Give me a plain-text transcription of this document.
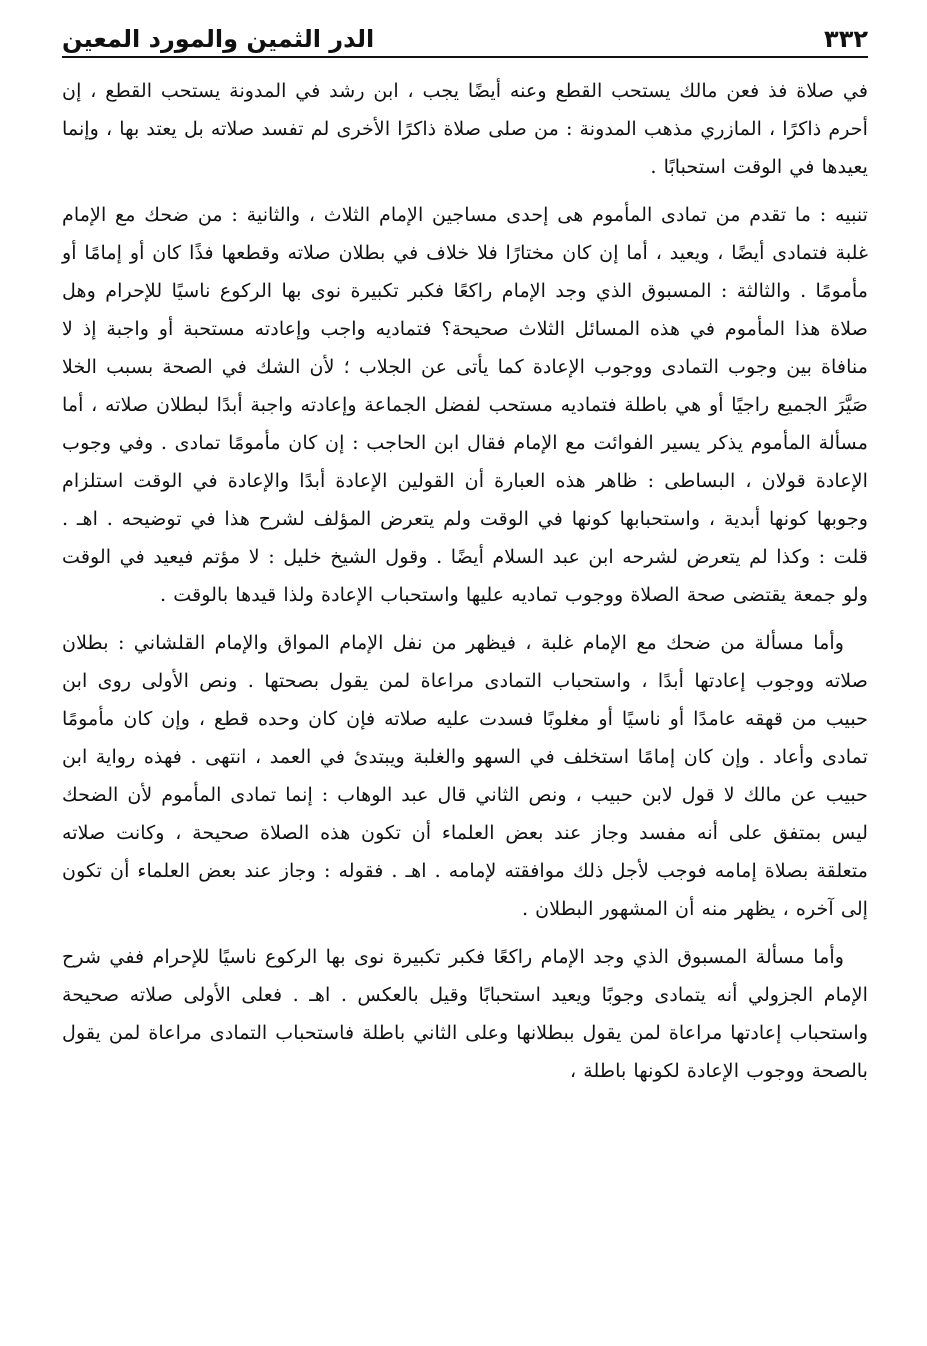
٣٣٢
الدر الثمين والمورد المعين

في صلاة فذ فعن مالك يستحب القطع وعنه أيضًا يجب ، ابن رشد في المدونة يستحب القطع ، إن أحرم ذاكرًا ، المازري مذهب المدونة : من صلى صلاة ذاكرًا الأخرى لم تفسد صلاته بل يعتد بها ، وإنما يعيدها في الوقت استحبابًا .

تنبيه : ما تقدم من تمادى المأموم هى إحدى مساجين الإمام الثلاث ، والثانية : من ضحك مع الإمام غلبة فتمادى أيضًا ، ويعيد ، أما إن كان مختارًا فلا خلاف في بطلان صلاته وقطعها فذًا كان أو إمامًا أو مأمومًا . والثالثة : المسبوق الذي وجد الإمام راكعًا فكبر تكبيرة نوى بها الركوع ناسيًا للإحرام وهل صلاة هذا المأموم في هذه المسائل الثلاث صحيحة؟ فتماديه واجب وإعادته مستحبة أو واجبة إذ لا منافاة بين وجوب التمادى ووجوب الإعادة كما يأتى عن الجلاب ؛ لأن الشك في الصحة بسبب الخلا صَيَّرَ الجميع راجيًا أو هي باطلة فتماديه مستحب لفضل الجماعة وإعادته واجبة أبدًا لبطلان صلاته ، أما مسألة المأموم يذكر يسير الفوائت مع الإمام فقال ابن الحاجب : إن كان مأمومًا تمادى . وفي وجوب الإعادة قولان ، البساطى : ظاهر هذه العبارة أن القولين الإعادة أبدًا والإعادة في الوقت استلزام وجوبها كونها أبدية ، واستحبابها كونها في الوقت ولم يتعرض المؤلف لشرح هذا في توضيحه . اهـ . قلت : وكذا لم يتعرض لشرحه ابن عبد السلام أيضًا . وقول الشيخ خليل : لا مؤتم فيعيد في الوقت ولو جمعة يقتضى صحة الصلاة ووجوب تماديه عليها واستحباب الإعادة ولذا قيدها بالوقت .

وأما مسألة من ضحك مع الإمام غلبة ، فيظهر من نفل الإمام المواق والإمام القلشاني : بطلان صلاته ووجوب إعادتها أبدًا ، واستحباب التمادى مراعاة لمن يقول بصحتها . ونص الأولى روى ابن حبيب من قهقه عامدًا أو ناسيًا أو مغلوبًا فسدت عليه صلاته فإن كان وحده قطع ، وإن كان مأمومًا تمادى وأعاد . وإن كان إمامًا استخلف في السهو والغلبة ويبتدئ في العمد ، انتهى . فهذه رواية ابن حبيب عن مالك لا قول لابن حبيب ، ونص الثاني قال عبد الوهاب : إنما تمادى المأموم لأن الضحك ليس بمتفق على أنه مفسد وجاز عند بعض العلماء أن تكون هذه الصلاة صحيحة ، وكانت صلاته متعلقة بصلاة إمامه فوجب لأجل ذلك موافقته لإمامه . اهـ . فقوله : وجاز عند بعض العلماء أن تكون إلى آخره ، يظهر منه أن المشهور البطلان .

وأما مسألة المسبوق الذي وجد الإمام راكعًا فكبر تكبيرة نوى بها الركوع ناسيًا للإحرام ففي شرح الإمام الجزولي أنه يتمادى وجوبًا ويعيد استحبابًا وقيل بالعكس . اهـ . فعلى الأولى صلاته صحيحة واستحباب إعادتها مراعاة لمن يقول ببطلانها وعلى الثاني باطلة فاستحباب التمادى مراعاة لمن يقول بالصحة ووجوب الإعادة لكونها باطلة ،
